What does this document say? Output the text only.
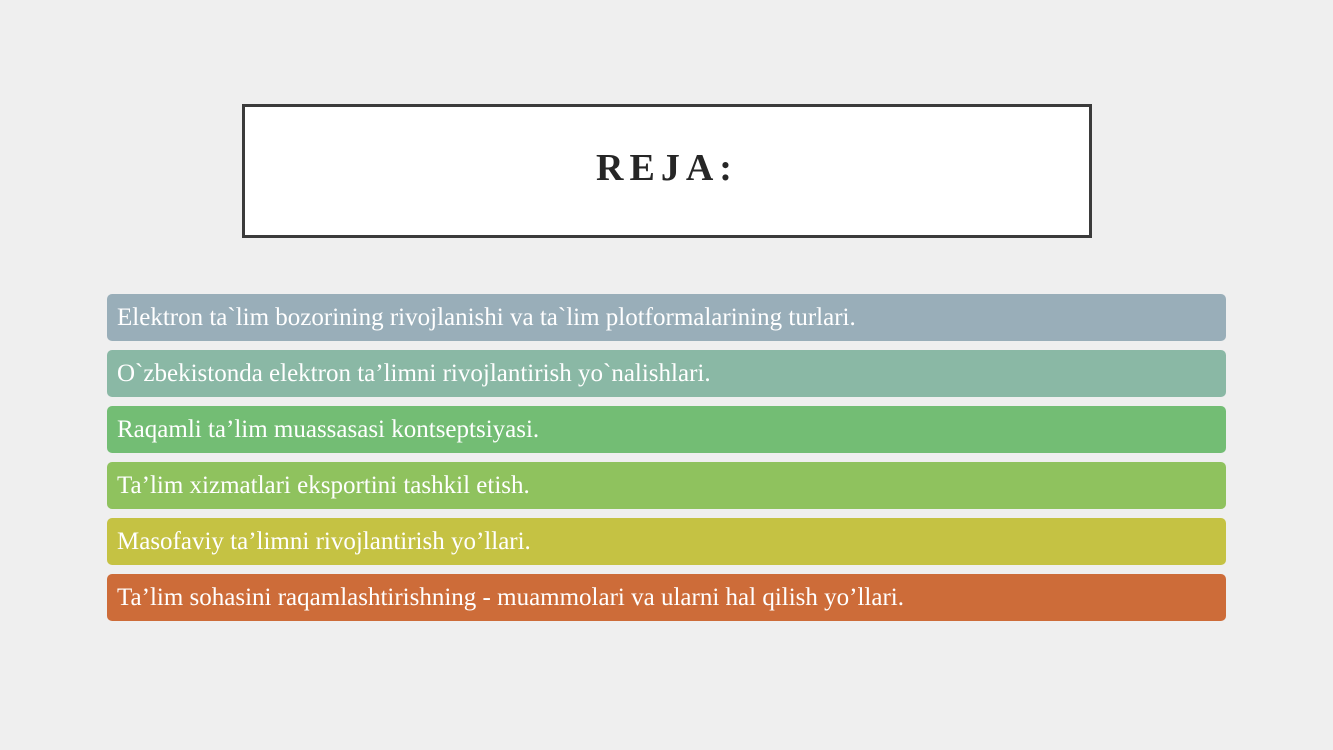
REJA:
Elektron ta`lim bozorining rivojlanishi va ta`lim plotformalarining turlari.
O`zbekistonda elektron ta’limni rivojlantirish yo`nalishlari.
Raqamli ta’lim muassasasi kontseptsiyasi.
Ta’lim xizmatlari eksportini tashkil etish.
Masofaviy ta’limni rivojlantirish yo’llari.
Ta’lim sohasini raqamlashtirishning - muammolari va ularni hal qilish yo’llari.
